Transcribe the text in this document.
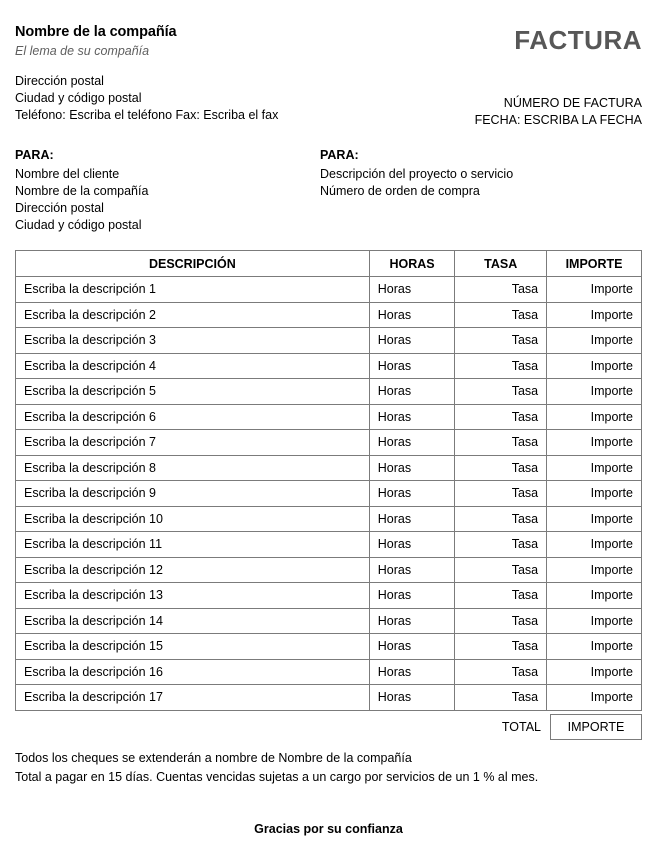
Nombre de la compañía
El lema de su compañía	FACTURA
Dirección postal
Ciudad y código postal
Teléfono: Escriba el teléfono Fax: Escriba el fax
NÚMERO DE FACTURA
FECHA: ESCRIBA LA FECHA
PARA:
Nombre del cliente
Nombre de la compañía
Dirección postal
Ciudad y código postal
PARA:
Descripción del proyecto o servicio
Número de orden de compra
DESCRIPCIÓN	HORAS	TASA	IMPORTE
Escriba la descripción 1	Horas	Tasa	Importe
Escriba la descripción 2	Horas	Tasa	Importe
Escriba la descripción 3	Horas	Tasa	Importe
Escriba la descripción 4	Horas	Tasa	Importe
Escriba la descripción 5	Horas	Tasa	Importe
Escriba la descripción 6	Horas	Tasa	Importe
Escriba la descripción 7	Horas	Tasa	Importe
Escriba la descripción 8	Horas	Tasa	Importe
Escriba la descripción 9	Horas	Tasa	Importe
Escriba la descripción 10	Horas	Tasa	Importe
Escriba la descripción 11	Horas	Tasa	Importe
Escriba la descripción 12	Horas	Tasa	Importe
Escriba la descripción 13	Horas	Tasa	Importe
Escriba la descripción 14	Horas	Tasa	Importe
Escriba la descripción 15	Horas	Tasa	Importe
Escriba la descripción 16	Horas	Tasa	Importe
Escriba la descripción 17	Horas	Tasa	Importe
TOTAL	IMPORTE
Todos los cheques se extenderán a nombre de Nombre de la compañía
Total a pagar en 15 días. Cuentas vencidas sujetas a un cargo por servicios de un 1 % al mes.
Gracias por su confianza
